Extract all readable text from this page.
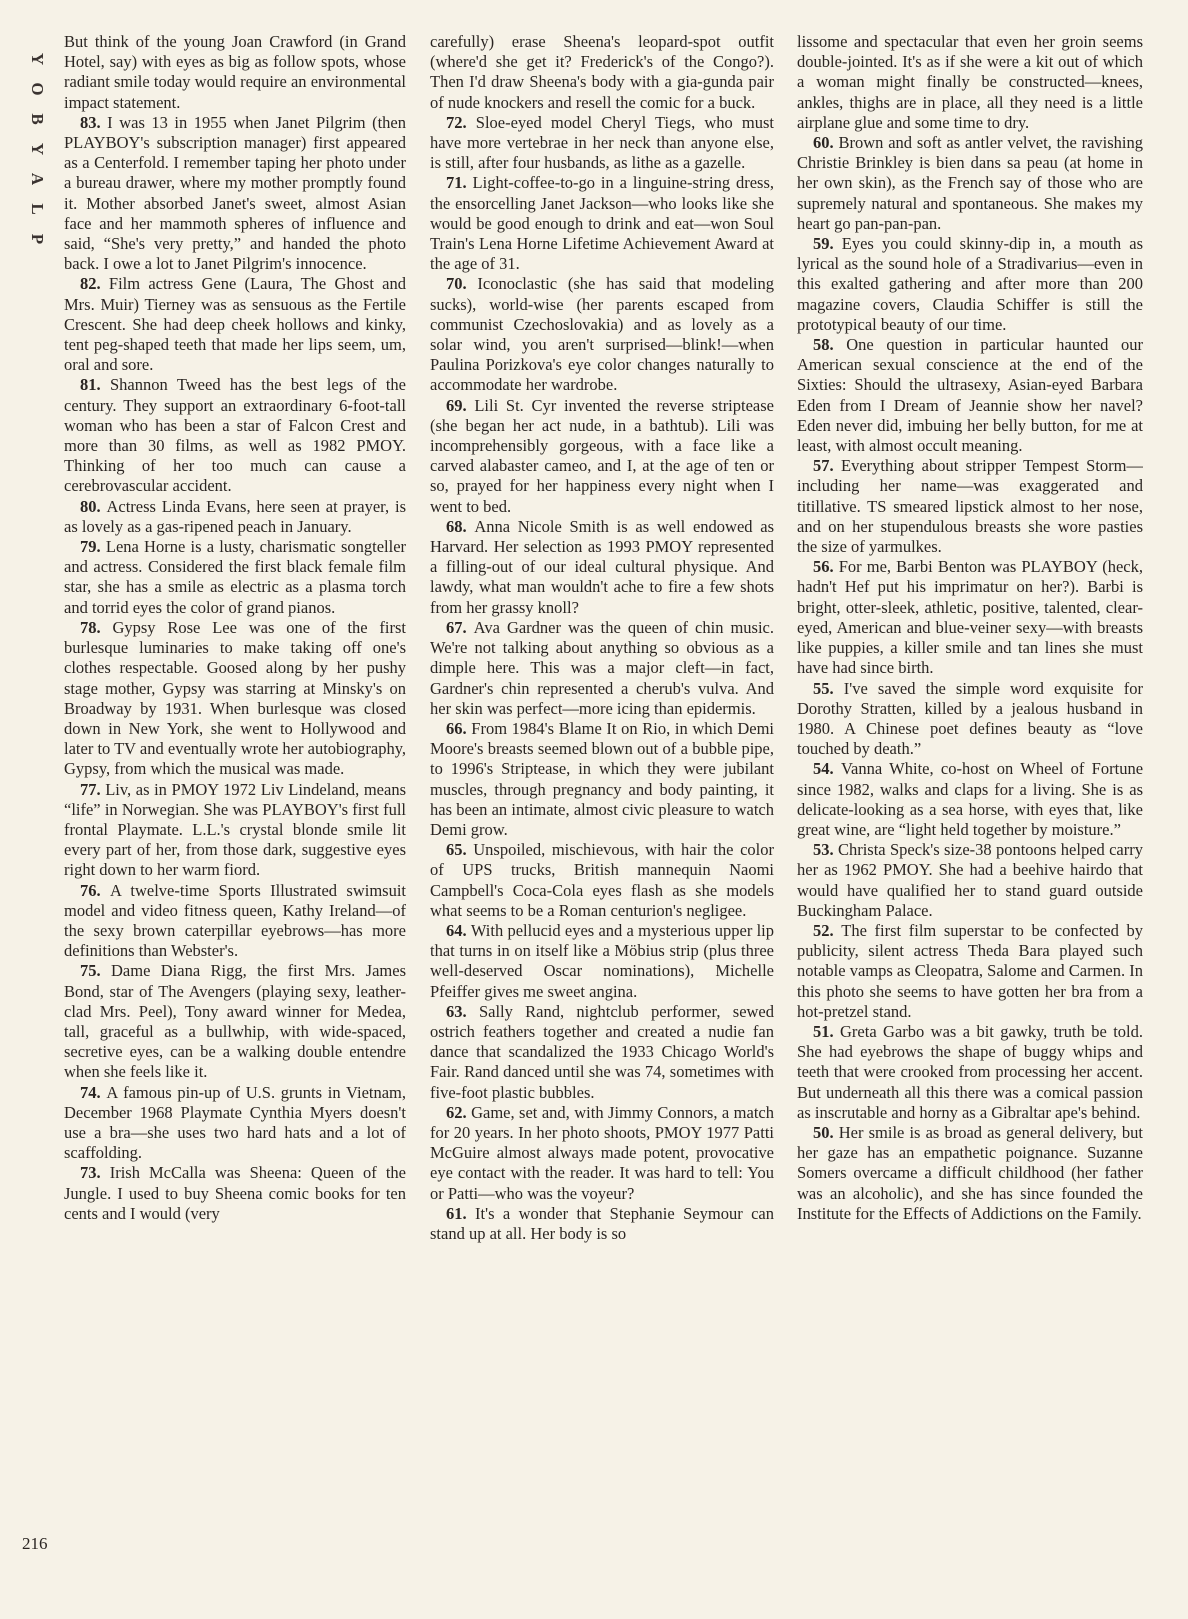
Y
O
B
Y
A
L
P

But think of the young Joan Crawford (in Grand Hotel, say) with eyes as big as follow spots, whose radiant smile today would require an environmental impact statement.

83. I was 13 in 1955 when Janet Pilgrim (then PLAYBOY's subscription manager) first appeared as a Centerfold. I remember taping her photo under a bureau drawer, where my mother promptly found it. Mother absorbed Janet's sweet, almost Asian face and her mammoth spheres of influence and said, “She's very pretty,” and handed the photo back. I owe a lot to Janet Pilgrim's innocence.

82. Film actress Gene (Laura, The Ghost and Mrs. Muir) Tierney was as sensuous as the Fertile Crescent. She had deep cheek hollows and kinky, tent peg-shaped teeth that made her lips seem, um, oral and sore.

81. Shannon Tweed has the best legs of the century. They support an extraordinary 6-foot-tall woman who has been a star of Falcon Crest and more than 30 films, as well as 1982 PMOY. Thinking of her too much can cause a cerebrovascular accident.

80. Actress Linda Evans, here seen at prayer, is as lovely as a gas-ripened peach in January.

79. Lena Horne is a lusty, charismatic songteller and actress. Considered the first black female film star, she has a smile as electric as a plasma torch and torrid eyes the color of grand pianos.

78. Gypsy Rose Lee was one of the first burlesque luminaries to make taking off one's clothes respectable. Goosed along by her pushy stage mother, Gypsy was starring at Minsky's on Broadway by 1931. When burlesque was closed down in New York, she went to Hollywood and later to TV and eventually wrote her autobiography, Gypsy, from which the musical was made.

77. Liv, as in PMOY 1972 Liv Lindeland, means “life” in Norwegian. She was PLAYBOY's first full frontal Playmate. L.L.'s crystal blonde smile lit every part of her, from those dark, suggestive eyes right down to her warm fiord.

76. A twelve-time Sports Illustrated swimsuit model and video fitness queen, Kathy Ireland—of the sexy brown caterpillar eyebrows—has more definitions than Webster's.

75. Dame Diana Rigg, the first Mrs. James Bond, star of The Avengers (playing sexy, leather-clad Mrs. Peel), Tony award winner for Medea, tall, graceful as a bullwhip, with wide-spaced, secretive eyes, can be a walking double entendre when she feels like it.

74. A famous pin-up of U.S. grunts in Vietnam, December 1968 Playmate Cynthia Myers doesn't use a bra—she uses two hard hats and a lot of scaffolding.

73. Irish McCalla was Sheena: Queen of the Jungle. I used to buy Sheena comic books for ten cents and I would (very

carefully) erase Sheena's leopard-spot outfit (where'd she get it? Frederick's of the Congo?). Then I'd draw Sheena's body with a gia-gunda pair of nude knockers and resell the comic for a buck.

72. Sloe-eyed model Cheryl Tiegs, who must have more vertebrae in her neck than anyone else, is still, after four husbands, as lithe as a gazelle.

71. Light-coffee-to-go in a linguine-string dress, the ensorcelling Janet Jackson—who looks like she would be good enough to drink and eat—won Soul Train's Lena Horne Lifetime Achievement Award at the age of 31.

70. Iconoclastic (she has said that modeling sucks), world-wise (her parents escaped from communist Czechoslovakia) and as lovely as a solar wind, you aren't surprised—blink!—when Paulina Porizkova's eye color changes naturally to accommodate her wardrobe.

69. Lili St. Cyr invented the reverse striptease (she began her act nude, in a bathtub). Lili was incomprehensibly gorgeous, with a face like a carved alabaster cameo, and I, at the age of ten or so, prayed for her happiness every night when I went to bed.

68. Anna Nicole Smith is as well endowed as Harvard. Her selection as 1993 PMOY represented a filling-out of our ideal cultural physique. And lawdy, what man wouldn't ache to fire a few shots from her grassy knoll?

67. Ava Gardner was the queen of chin music. We're not talking about anything so obvious as a dimple here. This was a major cleft—in fact, Gardner's chin represented a cherub's vulva. And her skin was perfect—more icing than epidermis.

66. From 1984's Blame It on Rio, in which Demi Moore's breasts seemed blown out of a bubble pipe, to 1996's Striptease, in which they were jubilant muscles, through pregnancy and body painting, it has been an intimate, almost civic pleasure to watch Demi grow.

65. Unspoiled, mischievous, with hair the color of UPS trucks, British mannequin Naomi Campbell's Coca-Cola eyes flash as she models what seems to be a Roman centurion's negligee.

64. With pellucid eyes and a mysterious upper lip that turns in on itself like a Möbius strip (plus three well-deserved Oscar nominations), Michelle Pfeiffer gives me sweet angina.

63. Sally Rand, nightclub performer, sewed ostrich feathers together and created a nudie fan dance that scandalized the 1933 Chicago World's Fair. Rand danced until she was 74, sometimes with five-foot plastic bubbles.

62. Game, set and, with Jimmy Connors, a match for 20 years. In her photo shoots, PMOY 1977 Patti McGuire almost always made potent, provocative eye contact with the reader. It was hard to tell: You or Patti—who was the voyeur?

61. It's a wonder that Stephanie Seymour can stand up at all. Her body is so

lissome and spectacular that even her groin seems double-jointed. It's as if she were a kit out of which a woman might finally be constructed—knees, ankles, thighs are in place, all they need is a little airplane glue and some time to dry.

60. Brown and soft as antler velvet, the ravishing Christie Brinkley is bien dans sa peau (at home in her own skin), as the French say of those who are supremely natural and spontaneous. She makes my heart go pan-pan-pan.

59. Eyes you could skinny-dip in, a mouth as lyrical as the sound hole of a Stradivarius—even in this exalted gathering and after more than 200 magazine covers, Claudia Schiffer is still the prototypical beauty of our time.

58. One question in particular haunted our American sexual conscience at the end of the Sixties: Should the ultrasexy, Asian-eyed Barbara Eden from I Dream of Jeannie show her navel? Eden never did, imbuing her belly button, for me at least, with almost occult meaning.

57. Everything about stripper Tempest Storm—including her name—was exaggerated and titillative. TS smeared lipstick almost to her nose, and on her stupendulous breasts she wore pasties the size of yarmulkes.

56. For me, Barbi Benton was PLAYBOY (heck, hadn't Hef put his imprimatur on her?). Barbi is bright, otter-sleek, athletic, positive, talented, clear-eyed, American and blue-veiner sexy—with breasts like puppies, a killer smile and tan lines she must have had since birth.

55. I've saved the simple word exquisite for Dorothy Stratten, killed by a jealous husband in 1980. A Chinese poet defines beauty as “love touched by death.”

54. Vanna White, co-host on Wheel of Fortune since 1982, walks and claps for a living. She is as delicate-looking as a sea horse, with eyes that, like great wine, are “light held together by moisture.”

53. Christa Speck's size-38 pontoons helped carry her as 1962 PMOY. She had a beehive hairdo that would have qualified her to stand guard outside Buckingham Palace.

52. The first film superstar to be confected by publicity, silent actress Theda Bara played such notable vamps as Cleopatra, Salome and Carmen. In this photo she seems to have gotten her bra from a hot-pretzel stand.

51. Greta Garbo was a bit gawky, truth be told. She had eyebrows the shape of buggy whips and teeth that were crooked from processing her accent. But underneath all this there was a comical passion as inscrutable and horny as a Gibraltar ape's behind.

50. Her smile is as broad as general delivery, but her gaze has an empathetic poignance. Suzanne Somers overcame a difficult childhood (her father was an alcoholic), and she has since founded the Institute for the Effects of Addictions on the Family.

216
